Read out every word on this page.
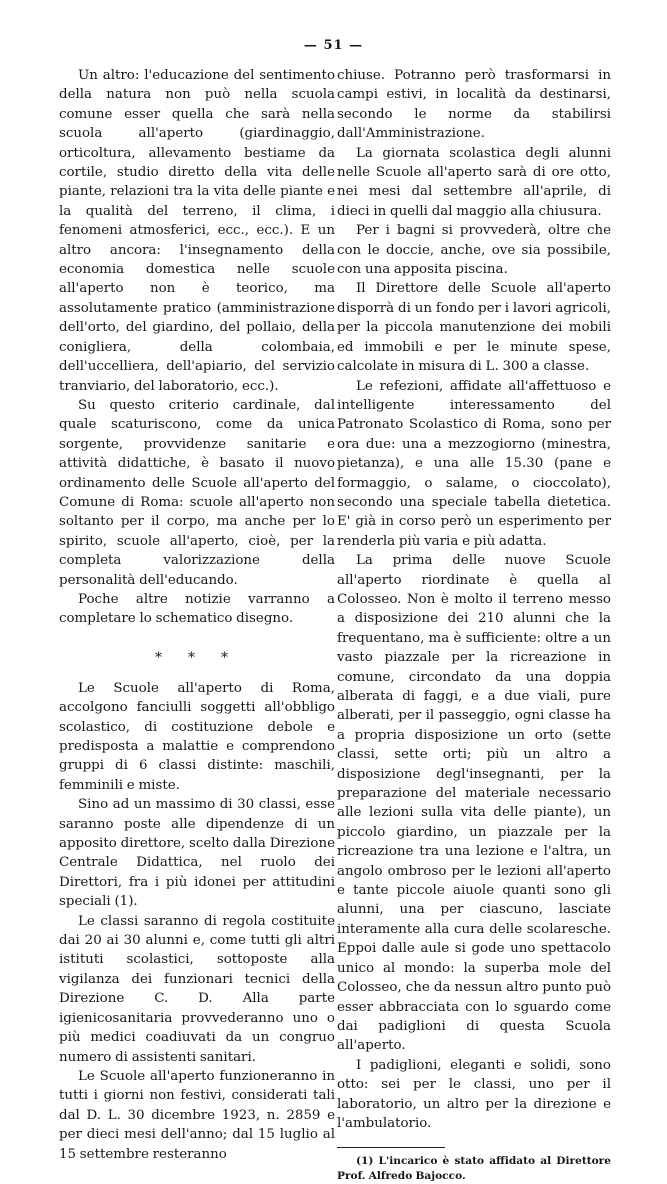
— 51 —

Un altro: l'educazione del sentimento della natura non può nella scuola comune esser quella che sarà nella scuola all'aperto (giardinaggio, orticoltura, allevamento bestiame da cortile, studio diretto della vita delle piante, relazioni tra la vita delle piante e la qualità del terreno, il clima, i fenomeni atmosferici, ecc., ecc.). E un altro ancora: l'insegnamento della economia domestica nelle scuole all'aperto non è teorico, ma assolutamente pratico (amministrazione dell'orto, del giardino, del pollaio, della conigliera, della colombaia, dell'uccelliera, dell'apiario, del servizio tranviario, del laboratorio, ecc.).

Su questo criterio cardinale, dal quale scaturiscono, come da unica sorgente, provvidenze sanitarie e attività didattiche, è basato il nuovo ordinamento delle Scuole all'aperto del Comune di Roma: scuole all'aperto non soltanto per il corpo, ma anche per lo spirito, scuole all'aperto, cioè, per la completa valorizzazione della personalità dell'educando.

Poche altre notizie varranno a completare lo schematico disegno.

* * *

Le Scuole all'aperto di Roma, accolgono fanciulli soggetti all'obbligo scolastico, di costituzione debole e predisposta a malattie e comprendono gruppi di 6 classi distinte: maschili, femminili e miste.

Sino ad un massimo di 30 classi, esse saranno poste alle dipendenze di un apposito direttore, scelto dalla Direzione Centrale Didattica, nel ruolo dei Direttori, fra i più idonei per attitudini speciali (1).

Le classi saranno di regola costituite dai 20 ai 30 alunni e, come tutti gli altri istituti scolastici, sottoposte alla vigilanza dei funzionari tecnici della Direzione C. D. Alla parte igienicosanitaria provvederanno uno o più medici coadiuvati da un congruo numero di assistenti sanitari.

Le Scuole all'aperto funzioneranno in tutti i giorni non festivi, considerati tali dal D. L. 30 dicembre 1923, n. 2859 e per dieci mesi dell'anno; dal 15 luglio al 15 settembre resteranno

chiuse. Potranno però trasformarsi in campi estivi, in località da destinarsi, secondo le norme da stabilirsi dall'Amministrazione.

La giornata scolastica degli alunni nelle Scuole all'aperto sarà di ore otto, nei mesi dal settembre all'aprile, di dieci in quelli dal maggio alla chiusura.

Per i bagni si provvederà, oltre che con le doccie, anche, ove sia possibile, con una apposita piscina.

Il Direttore delle Scuole all'aperto disporrà di un fondo per i lavori agricoli, per la piccola manutenzione dei mobili ed immobili e per le minute spese, calcolate in misura di L. 300 a classe.

Le refezioni, affidate all'affettuoso e intelligente interessamento del Patronato Scolastico di Roma, sono per ora due: una a mezzogiorno (minestra, pietanza), e una alle 15.30 (pane e formaggio, o salame, o cioccolato), secondo una speciale tabella dietetica. E' già in corso però un esperimento per renderla più varia e più adatta.

La prima delle nuove Scuole all'aperto riordinate è quella al Colosseo. Non è molto il terreno messo a disposizione dei 210 alunni che la frequentano, ma è sufficiente: oltre a un vasto piazzale per la ricreazione in comune, circondato da una doppia alberata di faggi, e a due viali, pure alberati, per il passeggio, ogni classe ha a propria disposizione un orto (sette classi, sette orti; più un altro a disposizione degl'insegnanti, per la preparazione del materiale necessario alle lezioni sulla vita delle piante), un piccolo giardino, un piazzale per la ricreazione tra una lezione e l'altra, un angolo ombroso per le lezioni all'aperto e tante piccole aiuole quanti sono gli alunni, una per ciascuno, lasciate interamente alla cura delle scolaresche. Eppoi dalle aule si gode uno spettacolo unico al mondo: la superba mole del Colosseo, che da nessun altro punto può esser abbracciata con lo sguardo come dai padiglioni di questa Scuola all'aperto.

I padiglioni, eleganti e solidi, sono otto: sei per le classi, uno per il laboratorio, un altro per la direzione e l'ambulatorio.

(1) L'incarico è stato affidato al Direttore Prof. Alfredo Bajocco.
